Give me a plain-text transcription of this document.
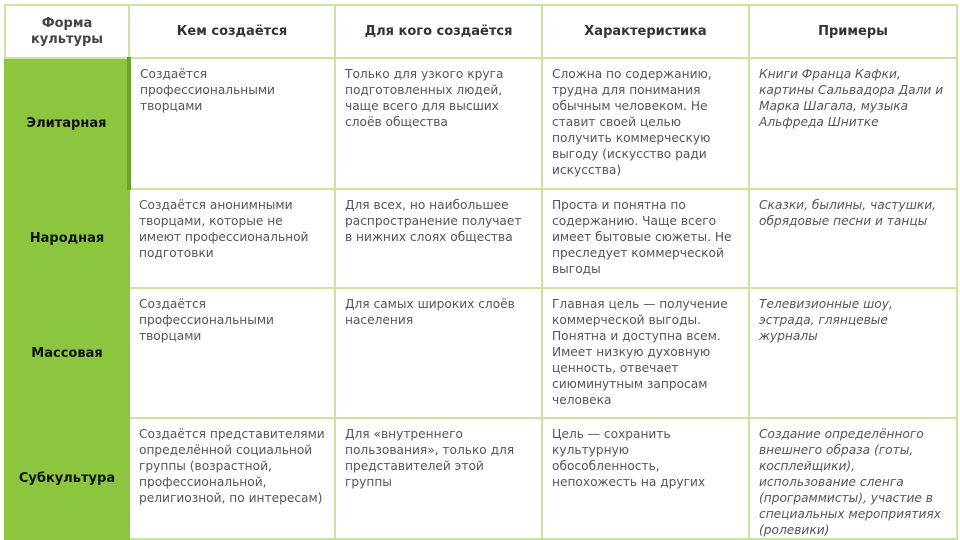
Форма культуры	Кем создаётся	Для кого создаётся	Характеристика	Примеры
Элитарная	Создаётся профессиональными творцами	Только для узкого круга подготовленных людей, чаще всего для высших слоёв общества	Сложна по содержанию, трудна для понимания обычным человеком. Не ставит своей целью получить коммерческую выгоду (искусство ради искусства)	Книги Франца Кафки, картины Сальвадора Дали и Марка Шагала, музыка Альфреда Шнитке
Народная	Создаётся анонимными творцами, которые не имеют профессиональной подготовки	Для всех, но наибольшее распространение получает в нижних слоях общества	Проста и понятна по содержанию. Чаще всего имеет бытовые сюжеты. Не преследует коммерческой выгоды	Сказки, былины, частушки, обрядовые песни и танцы
Массовая	Создаётся профессиональными творцами	Для самых широких слоёв населения	Главная цель — получение коммерческой выгоды. Понятна и доступна всем. Имеет низкую духовную ценность, отвечает сиюминутным запросам человека	Телевизионные шоу, эстрада, глянцевые журналы
Субкультура	Создаётся представителями определённой социальной группы (возрастной, профессиональной, религиозной, по интересам)	Для «внутреннего пользования», только для представителей этой группы	Цель — сохранить культурную обособленность, непохожесть на других	Создание определённого внешнего образа (готы, косплейщики), использование сленга (программисты), участие в специальных мероприятиях (ролевики)
